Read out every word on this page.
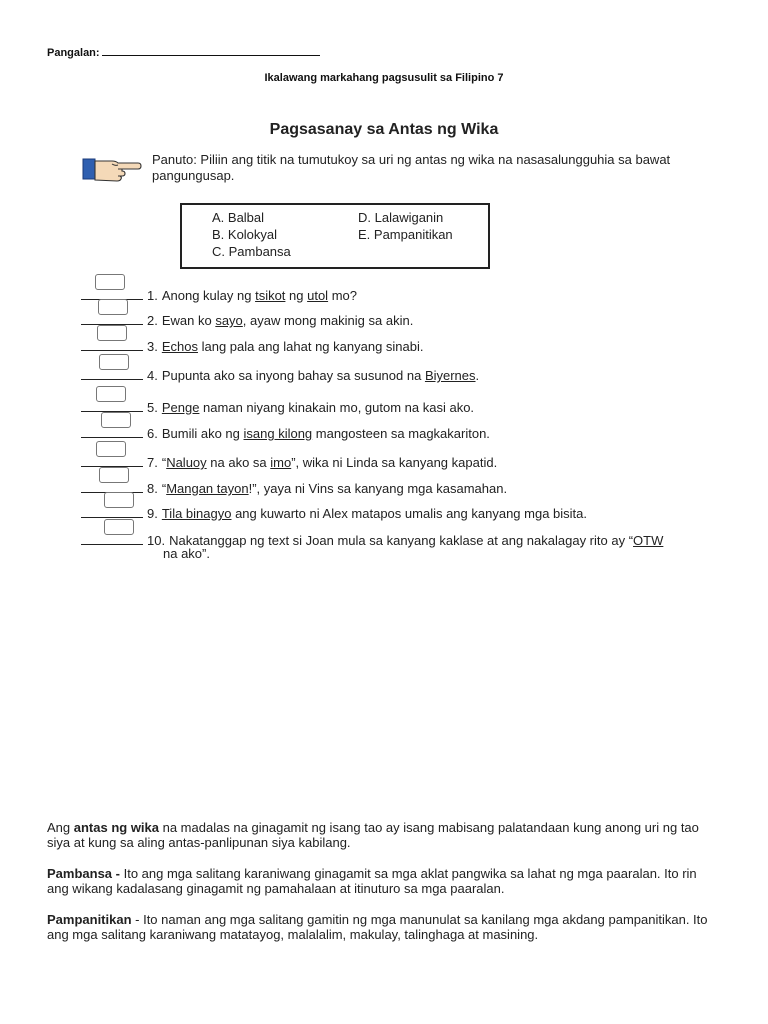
Pangalan:
Ikalawang markahang pagsusulit sa Filipino 7
Pagsasanay sa Antas ng Wika
Panuto: Piliin ang titik na tumutukoy sa uri ng antas ng wika na nasasalungguhia sa bawat pangungusap.
A. Balbal
B. Kolokyal
C. Pambansa
D. Lalawiganin
E. Pampanitikan
1. Anong kulay ng tsikot ng utol mo?
2. Ewan ko sayo, ayaw mong makinig sa akin.
3. Echos lang pala ang lahat ng kanyang sinabi.
4. Pupunta ako sa inyong bahay sa susunod na Biyernes.
5. Penge naman niyang kinakain mo, gutom na kasi ako.
6. Bumili ako ng isang kilong mangosteen sa magkakariton.
7. “Naluoy na ako sa imo”, wika ni Linda sa kanyang kapatid.
8. “Mangan tayon!”, yaya ni Vins sa kanyang mga kasamahan.
9. Tila binagyo ang kuwarto ni Alex matapos umalis ang kanyang mga bisita.
10. Nakatanggap ng text si Joan mula sa kanyang kaklase at ang nakalagay rito ay “OTW
na ako”.
Ang antas ng wika na madalas na ginagamit ng isang tao ay isang mabisang palatandaan kung anong uri ng tao siya at kung sa aling antas-panlipunan siya kabilang.
Pambansa - Ito ang mga salitang karaniwang ginagamit sa mga aklat pangwika sa lahat ng mga paaralan. Ito rin ang wikang kadalasang ginagamit ng pamahalaan at itinuturo sa mga paaralan.
Pampanitikan - Ito naman ang mga salitang gamitin ng mga manunulat sa kanilang mga akdang pampanitikan. Ito ang mga salitang karaniwang matatayog, malalalim, makulay, talinghaga at masining.
